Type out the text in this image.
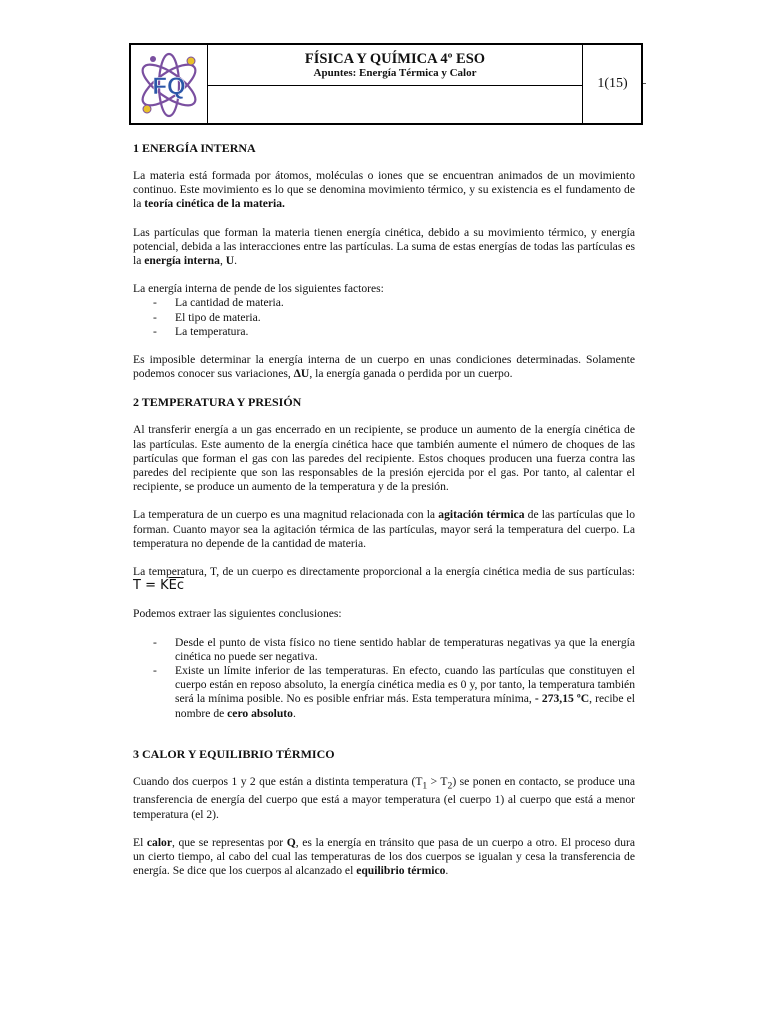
FQ
FÍSICA Y QUÍMICA 4º ESO
Apuntes: Energía Térmica y Calor
1(15)
1 ENERGÍA INTERNA

La materia está formada por átomos, moléculas o iones que se encuentran animados de un movimiento continuo. Este movimiento es lo que se denomina movimiento térmico, y su existencia es el fundamento de la teoría cinética de la materia.

Las partículas que forman la materia tienen energía cinética, debido a su movimiento térmico, y energía potencial, debida a las interacciones entre las partículas. La suma de estas energías de todas las partículas es la energía interna, U.

La energía interna de pende de los siguientes factores:
- La cantidad de materia.
- El tipo de materia.
- La temperatura.

Es imposible determinar la energía interna de un cuerpo en unas condiciones determinadas. Solamente podemos conocer sus variaciones, ΔU, la energía ganada o perdida por un cuerpo.

2 TEMPERATURA Y PRESIÓN

Al transferir energía a un gas encerrado en un recipiente, se produce un aumento de la energía cinética de las partículas. Este aumento de la energía cinética hace que también aumente el número de choques de las partículas que forman el gas con las paredes del recipiente. Estos choques producen una fuerza contra las paredes del recipiente que son las responsables de la presión ejercida por el gas. Por tanto, al calentar el recipiente, se produce un aumento de la temperatura y de la presión.

La temperatura de un cuerpo es una magnitud relacionada con la agitación térmica de las partículas que lo forman. Cuanto mayor sea la agitación térmica de las partículas, mayor será la temperatura del cuerpo. La temperatura no depende de la cantidad de materia.

La temperatura, T, de un cuerpo es directamente proporcional a la energía cinética media de sus partículas: $T = K\overline{Ec}$

Podemos extraer las siguientes conclusiones:

- Desde el punto de vista físico no tiene sentido hablar de temperaturas negativas ya que la energía cinética no puede ser negativa.
- Existe un límite inferior de las temperaturas. En efecto, cuando las partículas que constituyen el cuerpo están en reposo absoluto, la energía cinética media es 0 y, por tanto, la temperatura también será la mínima posible. No es posible enfriar más. Esta temperatura mínima, - 273,15 ºC, recibe el nombre de cero absoluto.
3 CALOR Y EQUILIBRIO TÉRMICO

Cuando dos cuerpos 1 y 2 que están a distinta temperatura $(T_1 > T_2)$ se ponen en contacto, se produce una transferencia de energía del cuerpo que está a mayor temperatura (el cuerpo 1) al cuerpo que está a menor temperatura (el 2).

El calor, que se representas por Q, es la energía en tránsito que pasa de un cuerpo a otro. El proceso dura un cierto tiempo, al cabo del cual las temperaturas de los dos cuerpos se igualan y cesa la transferencia de energía. Se dice que los cuerpos al alcanzado el equilibrio térmico.
